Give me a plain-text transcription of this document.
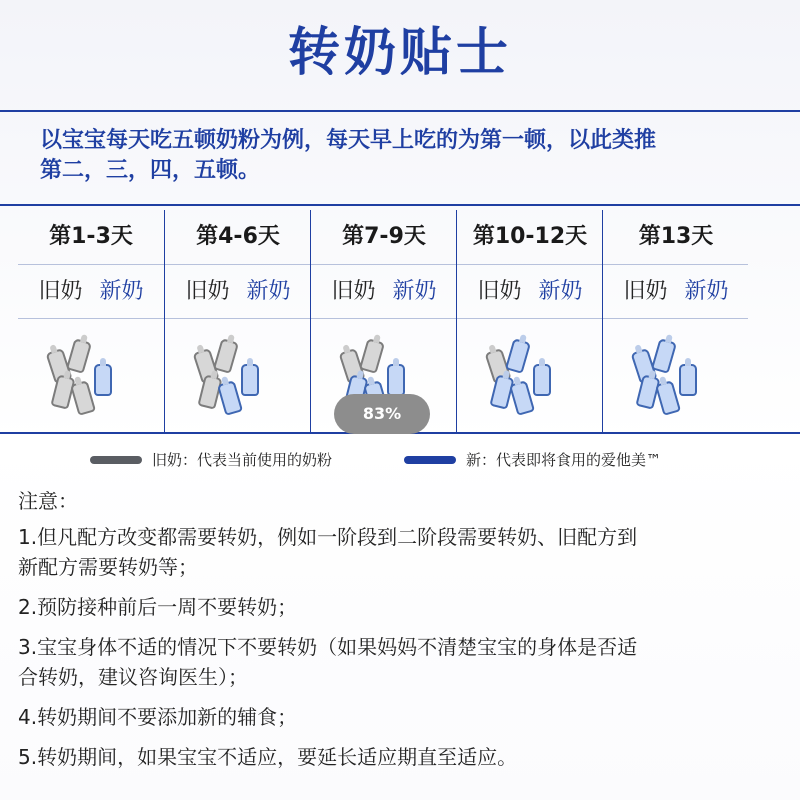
转奶贴士
以宝宝每天吃五顿奶粉为例，每天早上吃的为第一顿，以此类推
第二，三，四，五顿。
第1-3天
旧奶 新奶
第4-6天
旧奶 新奶
第7-9天
旧奶 新奶
第10-12天
旧奶 新奶
第13天
旧奶 新奶
83%
旧奶：代表当前使用的奶粉	新：代表即将食用的爱他美™
注意：
1.但凡配方改变都需要转奶，例如一阶段到二阶段需要转奶、旧配方到
新配方需要转奶等；
2.预防接种前后一周不要转奶；
3.宝宝身体不适的情况下不要转奶（如果妈妈不清楚宝宝的身体是否适
合转奶，建议咨询医生）；
4.转奶期间不要添加新的辅食；
5.转奶期间，如果宝宝不适应，要延长适应期直至适应。
